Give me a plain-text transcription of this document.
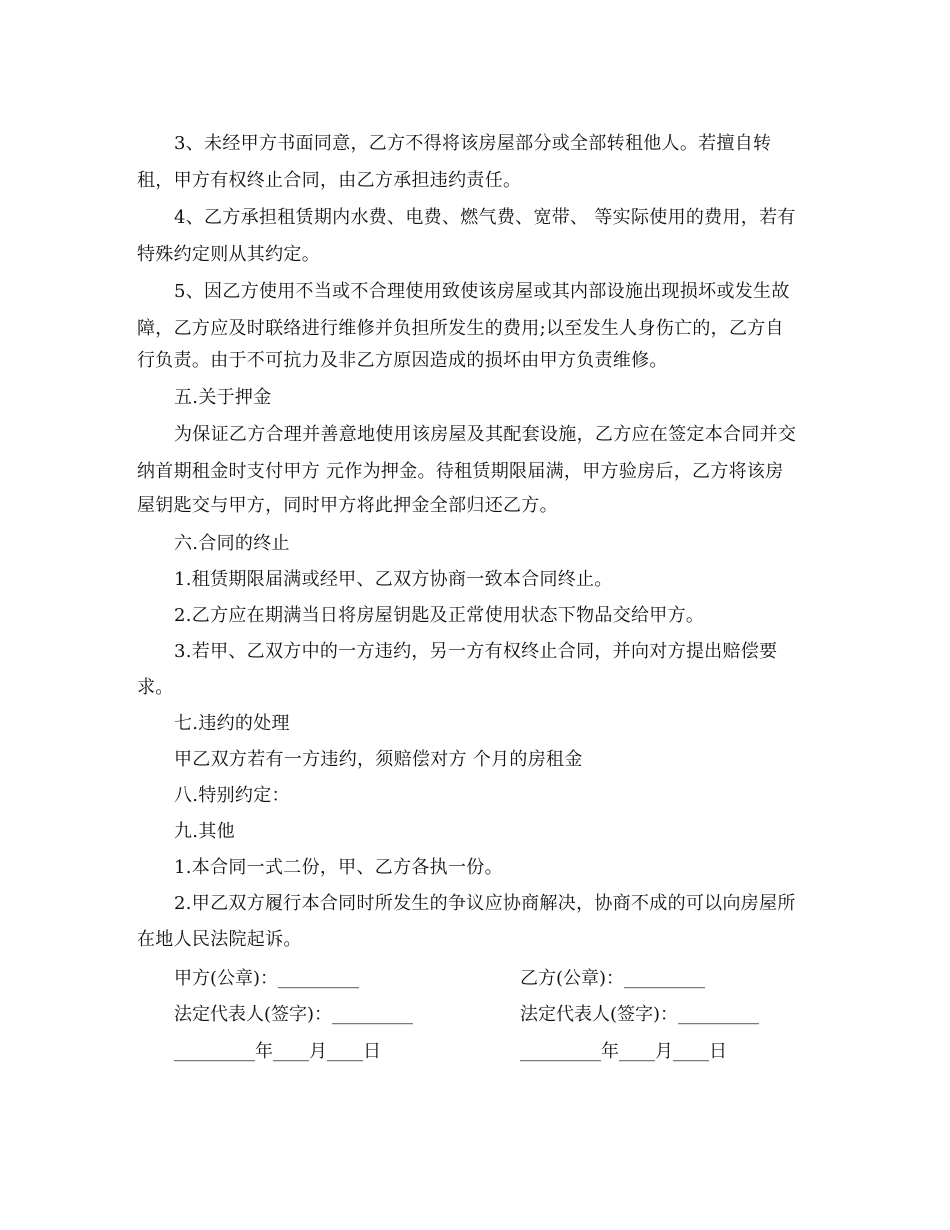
3、未经甲方书面同意，乙方不得将该房屋部分或全部转租他人。若擅自转
租，甲方有权终止合同，由乙方承担违约责任。
4、乙方承担租赁期内水费、电费、燃气费、宽带、 等实际使用的费用，若有
特殊约定则从其约定。
5、因乙方使用不当或不合理使用致使该房屋或其内部设施出现损坏或发生故
障，乙方应及时联络进行维修并负担所发生的费用;以至发生人身伤亡的，乙方自
行负责。由于不可抗力及非乙方原因造成的损坏由甲方负责维修。
五.关于押金
为保证乙方合理并善意地使用该房屋及其配套设施，乙方应在签定本合同并交
纳首期租金时支付甲方 元作为押金。待租赁期限届满，甲方验房后，乙方将该房
屋钥匙交与甲方，同时甲方将此押金全部归还乙方。
六.合同的终止
1.租赁期限届满或经甲、乙双方协商一致本合同终止。
2.乙方应在期满当日将房屋钥匙及正常使用状态下物品交给甲方。
3.若甲、乙双方中的一方违约，另一方有权终止合同，并向对方提出赔偿要
求。
七.违约的处理
甲乙双方若有一方违约，须赔偿对方 个月的房租金
八.特别约定：
九.其他
1.本合同一式二份，甲、乙方各执一份。
2.甲乙双方履行本合同时所发生的争议应协商解决，协商不成的可以向房屋所
在地人民法院起诉。
甲方(公章)：_________	乙方(公章)：_________
法定代表人(签字)：_________	法定代表人(签字)：_________
_________年____月____日	_________年____月____日
